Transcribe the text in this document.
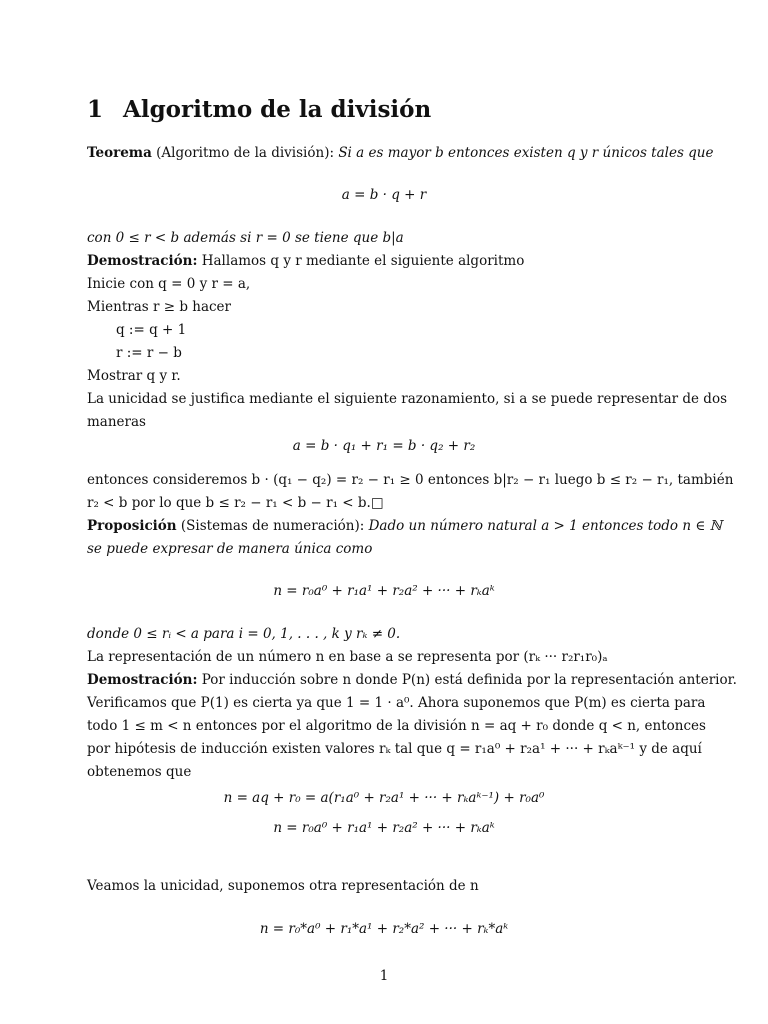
1 Algoritmo de la división
Teorema (Algoritmo de la división): Si a es mayor b entonces existen q y r únicos tales que
a = b · q + r
con 0 ≤ r < b además si r = 0 se tiene que b|a
Demostración: Hallamos q y r mediante el siguiente algoritmo
Inicie con q = 0 y r = a,
Mientras r ≥ b hacer
q := q + 1
r := r − b
Mostrar q y r.
La unicidad se justifica mediante el siguiente razonamiento, si a se puede representar de dos
maneras
a = b · q₁ + r₁ = b · q₂ + r₂
entonces consideremos b · (q₁ − q₂) = r₂ − r₁ ≥ 0 entonces b|r₂ − r₁ luego b ≤ r₂ − r₁, también
r₂ < b por lo que b ≤ r₂ − r₁ < b − r₁ < b.□
Proposición (Sistemas de numeración): Dado un número natural a > 1 entonces todo n ∈ ℕ
se puede expresar de manera única como
n = r₀a⁰ + r₁a¹ + r₂a² + ··· + rₖaᵏ
donde 0 ≤ rᵢ < a para i = 0, 1, . . . , k y rₖ ≠ 0.
La representación de un número n en base a se representa por (rₖ ··· r₂r₁r₀)ₐ
Demostración: Por inducción sobre n donde P(n) está definida por la representación anterior.
Verificamos que P(1) es cierta ya que 1 = 1 · a⁰. Ahora suponemos que P(m) es cierta para
todo 1 ≤ m < n entonces por el algoritmo de la división n = aq + r₀ donde q < n, entonces
por hipótesis de inducción existen valores rₖ tal que q = r₁a⁰ + r₂a¹ + ··· + rₖaᵏ⁻¹ y de aquí
obtenemos que
n = aq + r₀ = a(r₁a⁰ + r₂a¹ + ··· + rₖaᵏ⁻¹) + r₀a⁰
n = r₀a⁰ + r₁a¹ + r₂a² + ··· + rₖaᵏ
Veamos la unicidad, suponemos otra representación de n
n = r₀*a⁰ + r₁*a¹ + r₂*a² + ··· + rₖ*aᵏ
1
